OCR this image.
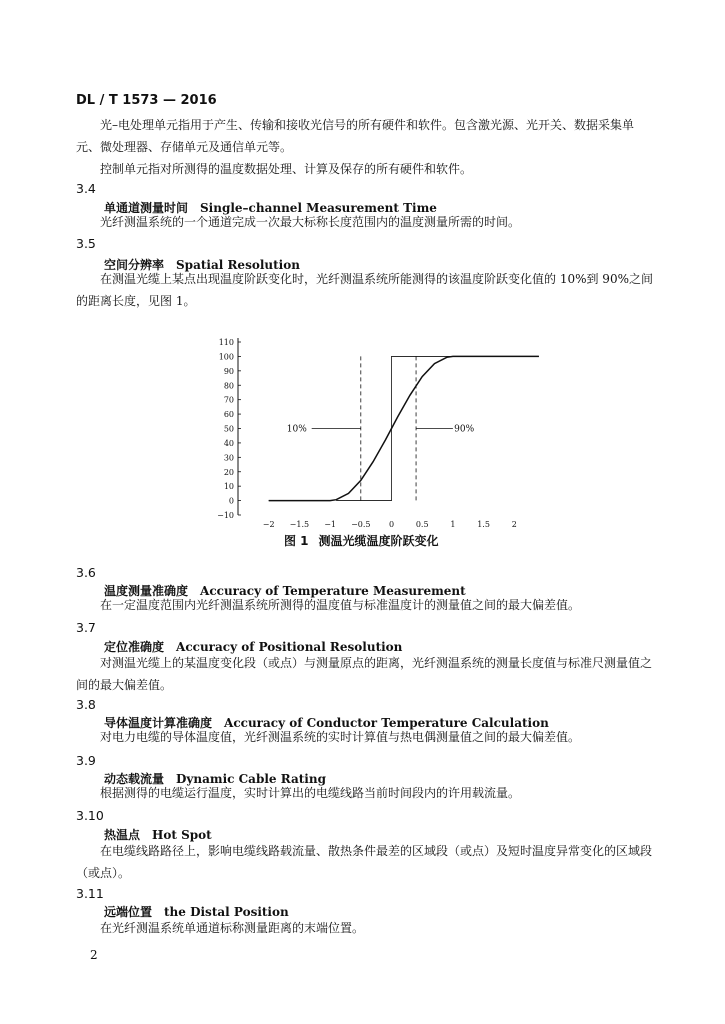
DL / T 1573 — 2016

光–电处理单元指用于产生、传输和接收光信号的所有硬件和软件。包含激光源、光开关、数据采集单元、微处理器、存储单元及通信单元等。

控制单元指对所测得的温度数据处理、计算及保存的所有硬件和软件。

3.4
单通道测量时间 Single–channel Measurement Time

光纤测温系统的一个通道完成一次最大标称长度范围内的温度测量所需的时间。

3.5
空间分辨率 Spatial Resolution

在测温光缆上某点出现温度阶跃变化时，光纤测温系统所能测得的该温度阶跃变化值的 10%到 90%之间的距离长度，见图 1。

−10
0
10
20
30
40
50
60
70
80
90
100
110
−2 −1.5 −1 −0.5 0	0.5	1	1.5	2
10%	90%
图 1 测温光缆温度阶跃变化
3.6
温度测量准确度 Accuracy of Temperature Measurement

在一定温度范围内光纤测温系统所测得的温度值与标准温度计的测量值之间的最大偏差值。

3.7
定位准确度 Accuracy of Positional Resolution

对测温光缆上的某温度变化段（或点）与测量原点的距离，光纤测温系统的测量长度值与标准尺测量值之间的最大偏差值。

3.8
导体温度计算准确度 Accuracy of Conductor Temperature Calculation

对电力电缆的导体温度值，光纤测温系统的实时计算值与热电偶测量值之间的最大偏差值。

3.9
动态载流量 Dynamic Cable Rating

根据测得的电缆运行温度，实时计算出的电缆线路当前时间段内的许用载流量。

3.10
热温点 Hot Spot

在电缆线路路径上，影响电缆线路载流量、散热条件最差的区域段（或点）及短时温度异常变化的区域段（或点）。

3.11
远端位置 the Distal Position

在光纤测温系统单通道标称测量距离的末端位置。

2
